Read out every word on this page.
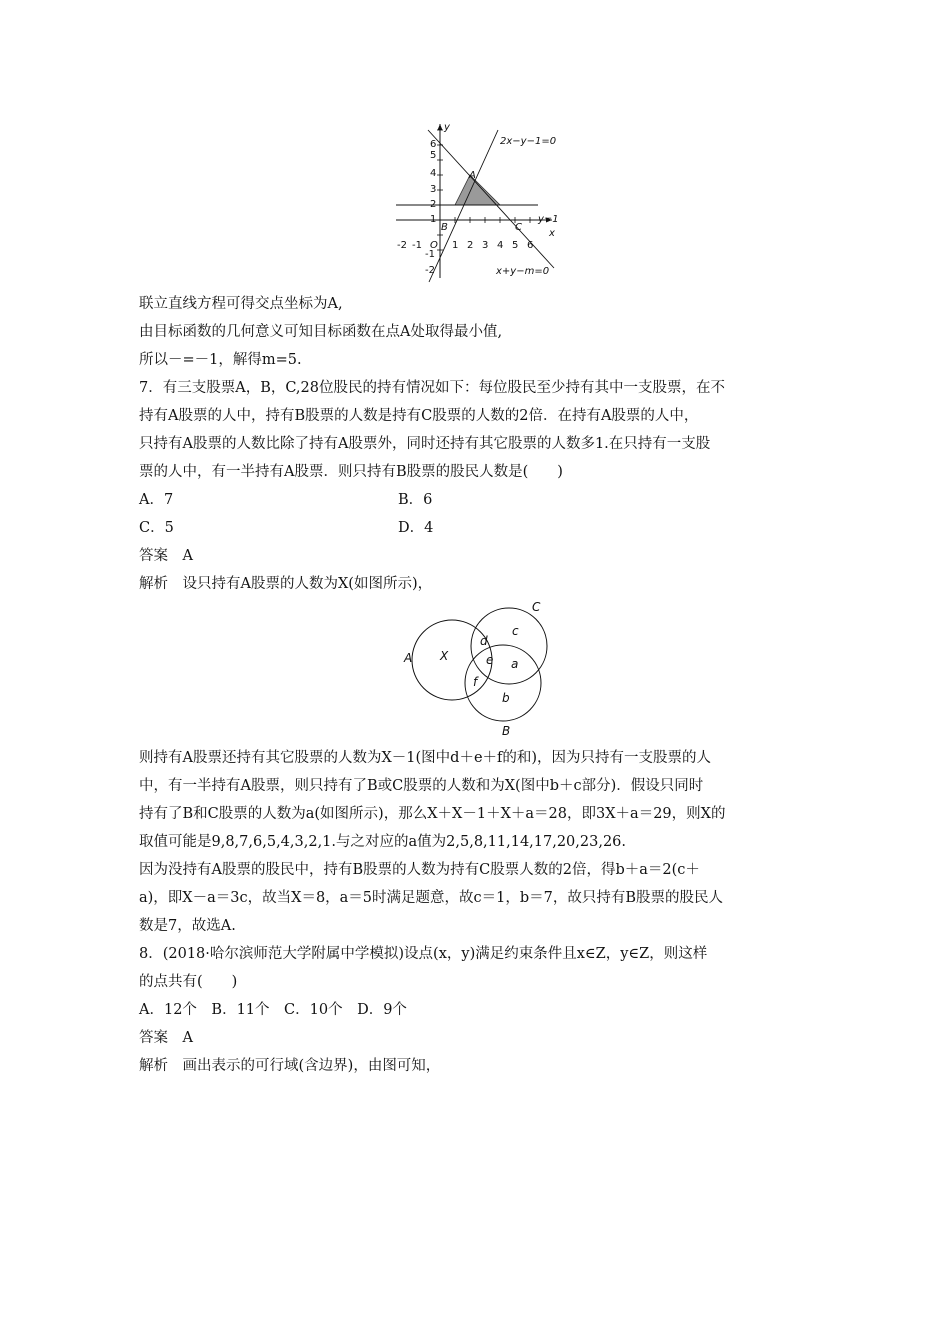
y
x
6
5
4
3
2
1
-1
-2
-2 -1 O 1 2 3 4 5 6
2x−y−1=0
y=1
x+y−m=0
A
B	C
联立直线方程可得交点坐标为A,
由目标函数的几何意义可知目标函数在点A处取得最小值,
所以－=－1，解得m=5.
7．有三支股票A，B，C,28位股民的持有情况如下：每位股民至少持有其中一支股票，在不
持有A股票的人中，持有B股票的人数是持有C股票的人数的2倍．在持有A股票的人中，
只持有A股票的人数比除了持有A股票外，同时还持有其它股票的人数多1.在只持有一支股
票的人中，有一半持有A股票．则只持有B股票的股民人数是(　　)
A．7	B．6
C．5	D．4
答案　A
解析　设只持有A股票的人数为X(如图所示)，
A
C
B
X
d
c
e a
f
b
则持有A股票还持有其它股票的人数为X－1(图中d＋e＋f的和)，因为只持有一支股票的人
中，有一半持有A股票，则只持有了B或C股票的人数和为X(图中b＋c部分)．假设只同时
持有了B和C股票的人数为a(如图所示)，那么X＋X－1＋X＋a＝28，即3X＋a＝29，则X的
取值可能是9,8,7,6,5,4,3,2,1.与之对应的a值为2,5,8,11,14,17,20,23,26.
因为没持有A股票的股民中，持有B股票的人数为持有C股票人数的2倍，得b＋a＝2(c＋
a)，即X－a＝3c，故当X＝8，a＝5时满足题意，故c＝1，b＝7，故只持有B股票的股民人
数是7，故选A.
8．(2018·哈尔滨师范大学附属中学模拟)设点(x，y)满足约束条件且x∈Z，y∈Z，则这样
的点共有(　　)
A．12个　B．11个　C．10个　D．9个
答案　A
解析　画出表示的可行域(含边界)，由图可知，
